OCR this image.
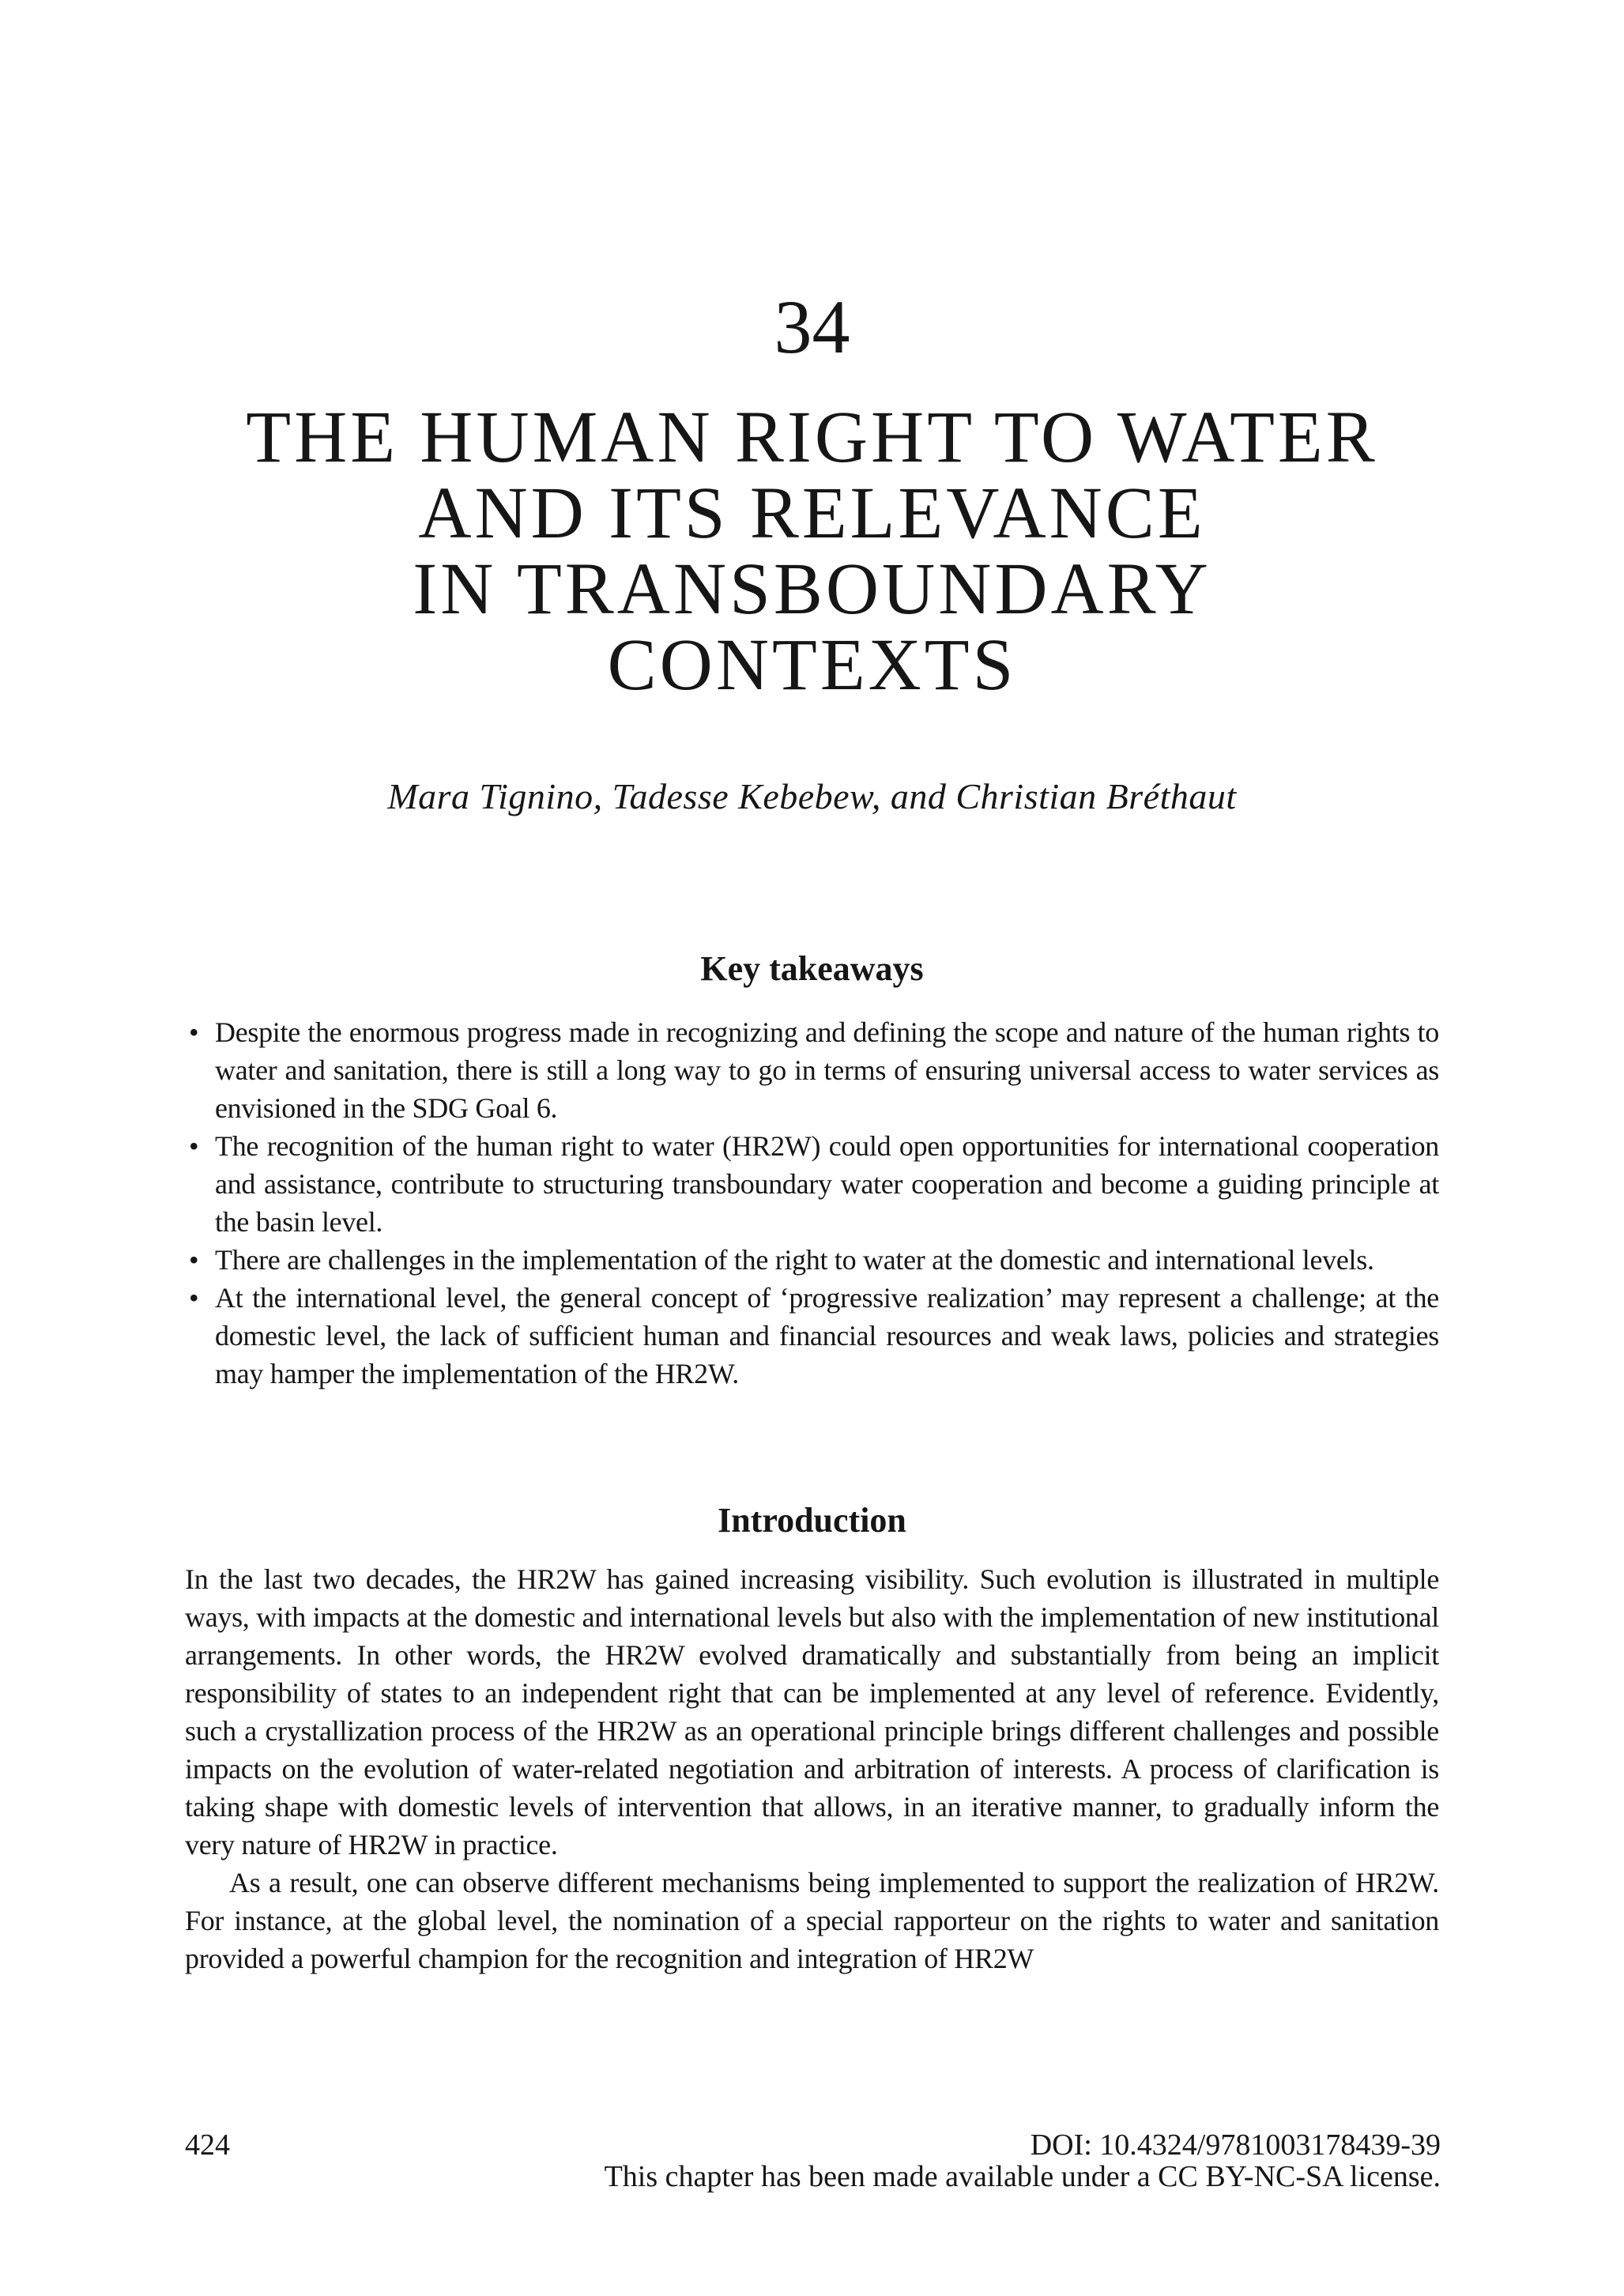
34
THE HUMAN RIGHT TO WATER
AND ITS RELEVANCE
IN TRANSBOUNDARY
CONTEXTS
Mara Tignino, Tadesse Kebebew, and Christian Bréthaut
Key takeaways
• Despite the enormous progress made in recognizing and defining the scope and nature of the human rights to water and sanitation, there is still a long way to go in terms of ensuring universal access to water services as envisioned in the SDG Goal 6.
• The recognition of the human right to water (HR2W) could open opportunities for international cooperation and assistance, contribute to structuring transboundary water cooperation and become a guiding principle at the basin level.
• There are challenges in the implementation of the right to water at the domestic and international levels.
• At the international level, the general concept of ‘progressive realization’ may represent a challenge; at the domestic level, the lack of sufficient human and financial resources and weak laws, policies and strategies may hamper the implementation of the HR2W.
Introduction

In the last two decades, the HR2W has gained increasing visibility. Such evolution is illustrated in multiple ways, with impacts at the domestic and international levels but also with the implementation of new institutional arrangements. In other words, the HR2W evolved dramatically and substantially from being an implicit responsibility of states to an independent right that can be implemented at any level of reference. Evidently, such a crystallization process of the HR2W as an operational principle brings different challenges and possible impacts on the evolution of water-related negotiation and arbitration of interests. A process of clarification is taking shape with domestic levels of intervention that allows, in an iterative manner, to gradually inform the very nature of HR2W in practice.

As a result, one can observe different mechanisms being implemented to support the realization of HR2W. For instance, at the global level, the nomination of a special rapporteur on the rights to water and sanitation provided a powerful champion for the recognition and integration of HR2W

424	DOI: 10.4324/9781003178439-39
This chapter has been made available under a CC BY-NC-SA license.
